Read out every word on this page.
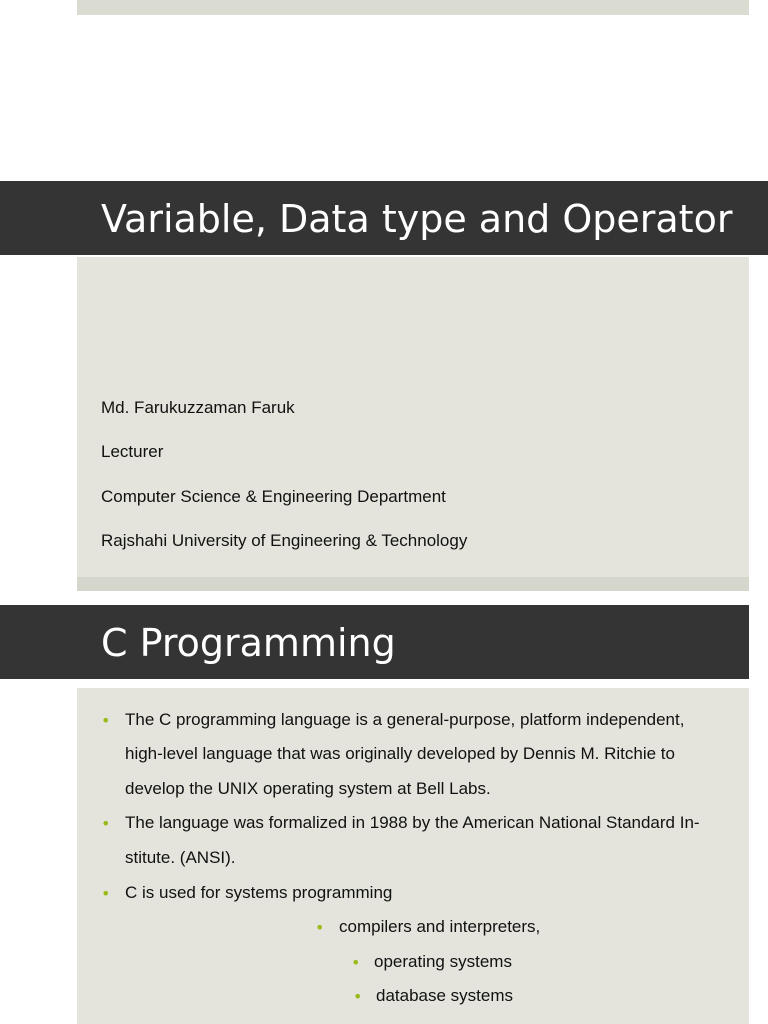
Variable, Data type and Operator
Md. Farukuzzaman Faruk
Lecturer
Computer Science & Engineering Department
Rajshahi University of Engineering & Technology
C Programming
• The C programming language is a general-purpose, platform independent,
high-level language that was originally developed by Dennis M. Ritchie to
develop the UNIX operating system at Bell Labs.
• The language was formalized in 1988 by the American National Standard In-
stitute. (ANSI).
• C is used for systems programming
• compilers and interpreters,
• operating systems
• database systems
